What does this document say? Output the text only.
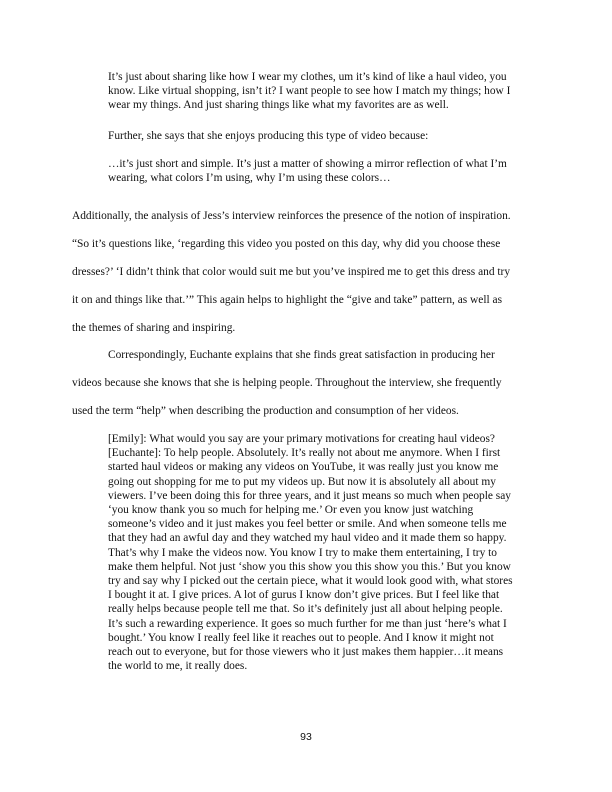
It’s just about sharing like how I wear my clothes, um it’s kind of like a haul video, you
know. Like virtual shopping, isn’t it? I want people to see how I match my things; how I
wear my things. And just sharing things like what my favorites are as well.
Further, she says that she enjoys producing this type of video because:
…it’s just short and simple. It’s just a matter of showing a mirror reflection of what I’m
wearing, what colors I’m using, why I’m using these colors…
Additionally, the analysis of Jess’s interview reinforces the presence of the notion of inspiration.
“So it’s questions like, ‘regarding this video you posted on this day, why did you choose these
dresses?’ ‘I didn’t think that color would suit me but you’ve inspired me to get this dress and try
it on and things like that.’” This again helps to highlight the “give and take” pattern, as well as
the themes of sharing and inspiring.
Correspondingly, Euchante explains that she finds great satisfaction in producing her
videos because she knows that she is helping people. Throughout the interview, she frequently
used the term “help” when describing the production and consumption of her videos.
[Emily]: What would you say are your primary motivations for creating haul videos?
[Euchante]: To help people. Absolutely. It’s really not about me anymore. When I first
started haul videos or making any videos on YouTube, it was really just you know me
going out shopping for me to put my videos up. But now it is absolutely all about my
viewers. I’ve been doing this for three years, and it just means so much when people say
‘you know thank you so much for helping me.’ Or even you know just watching
someone’s video and it just makes you feel better or smile. And when someone tells me
that they had an awful day and they watched my haul video and it made them so happy.
That’s why I make the videos now. You know I try to make them entertaining, I try to
make them helpful. Not just ‘show you this show you this show you this.’ But you know
try and say why I picked out the certain piece, what it would look good with, what stores
I bought it at. I give prices. A lot of gurus I know don’t give prices. But I feel like that
really helps because people tell me that. So it’s definitely just all about helping people.
It’s such a rewarding experience. It goes so much further for me than just ‘here’s what I
bought.’ You know I really feel like it reaches out to people. And I know it might not
reach out to everyone, but for those viewers who it just makes them happier…it means
the world to me, it really does.
93
